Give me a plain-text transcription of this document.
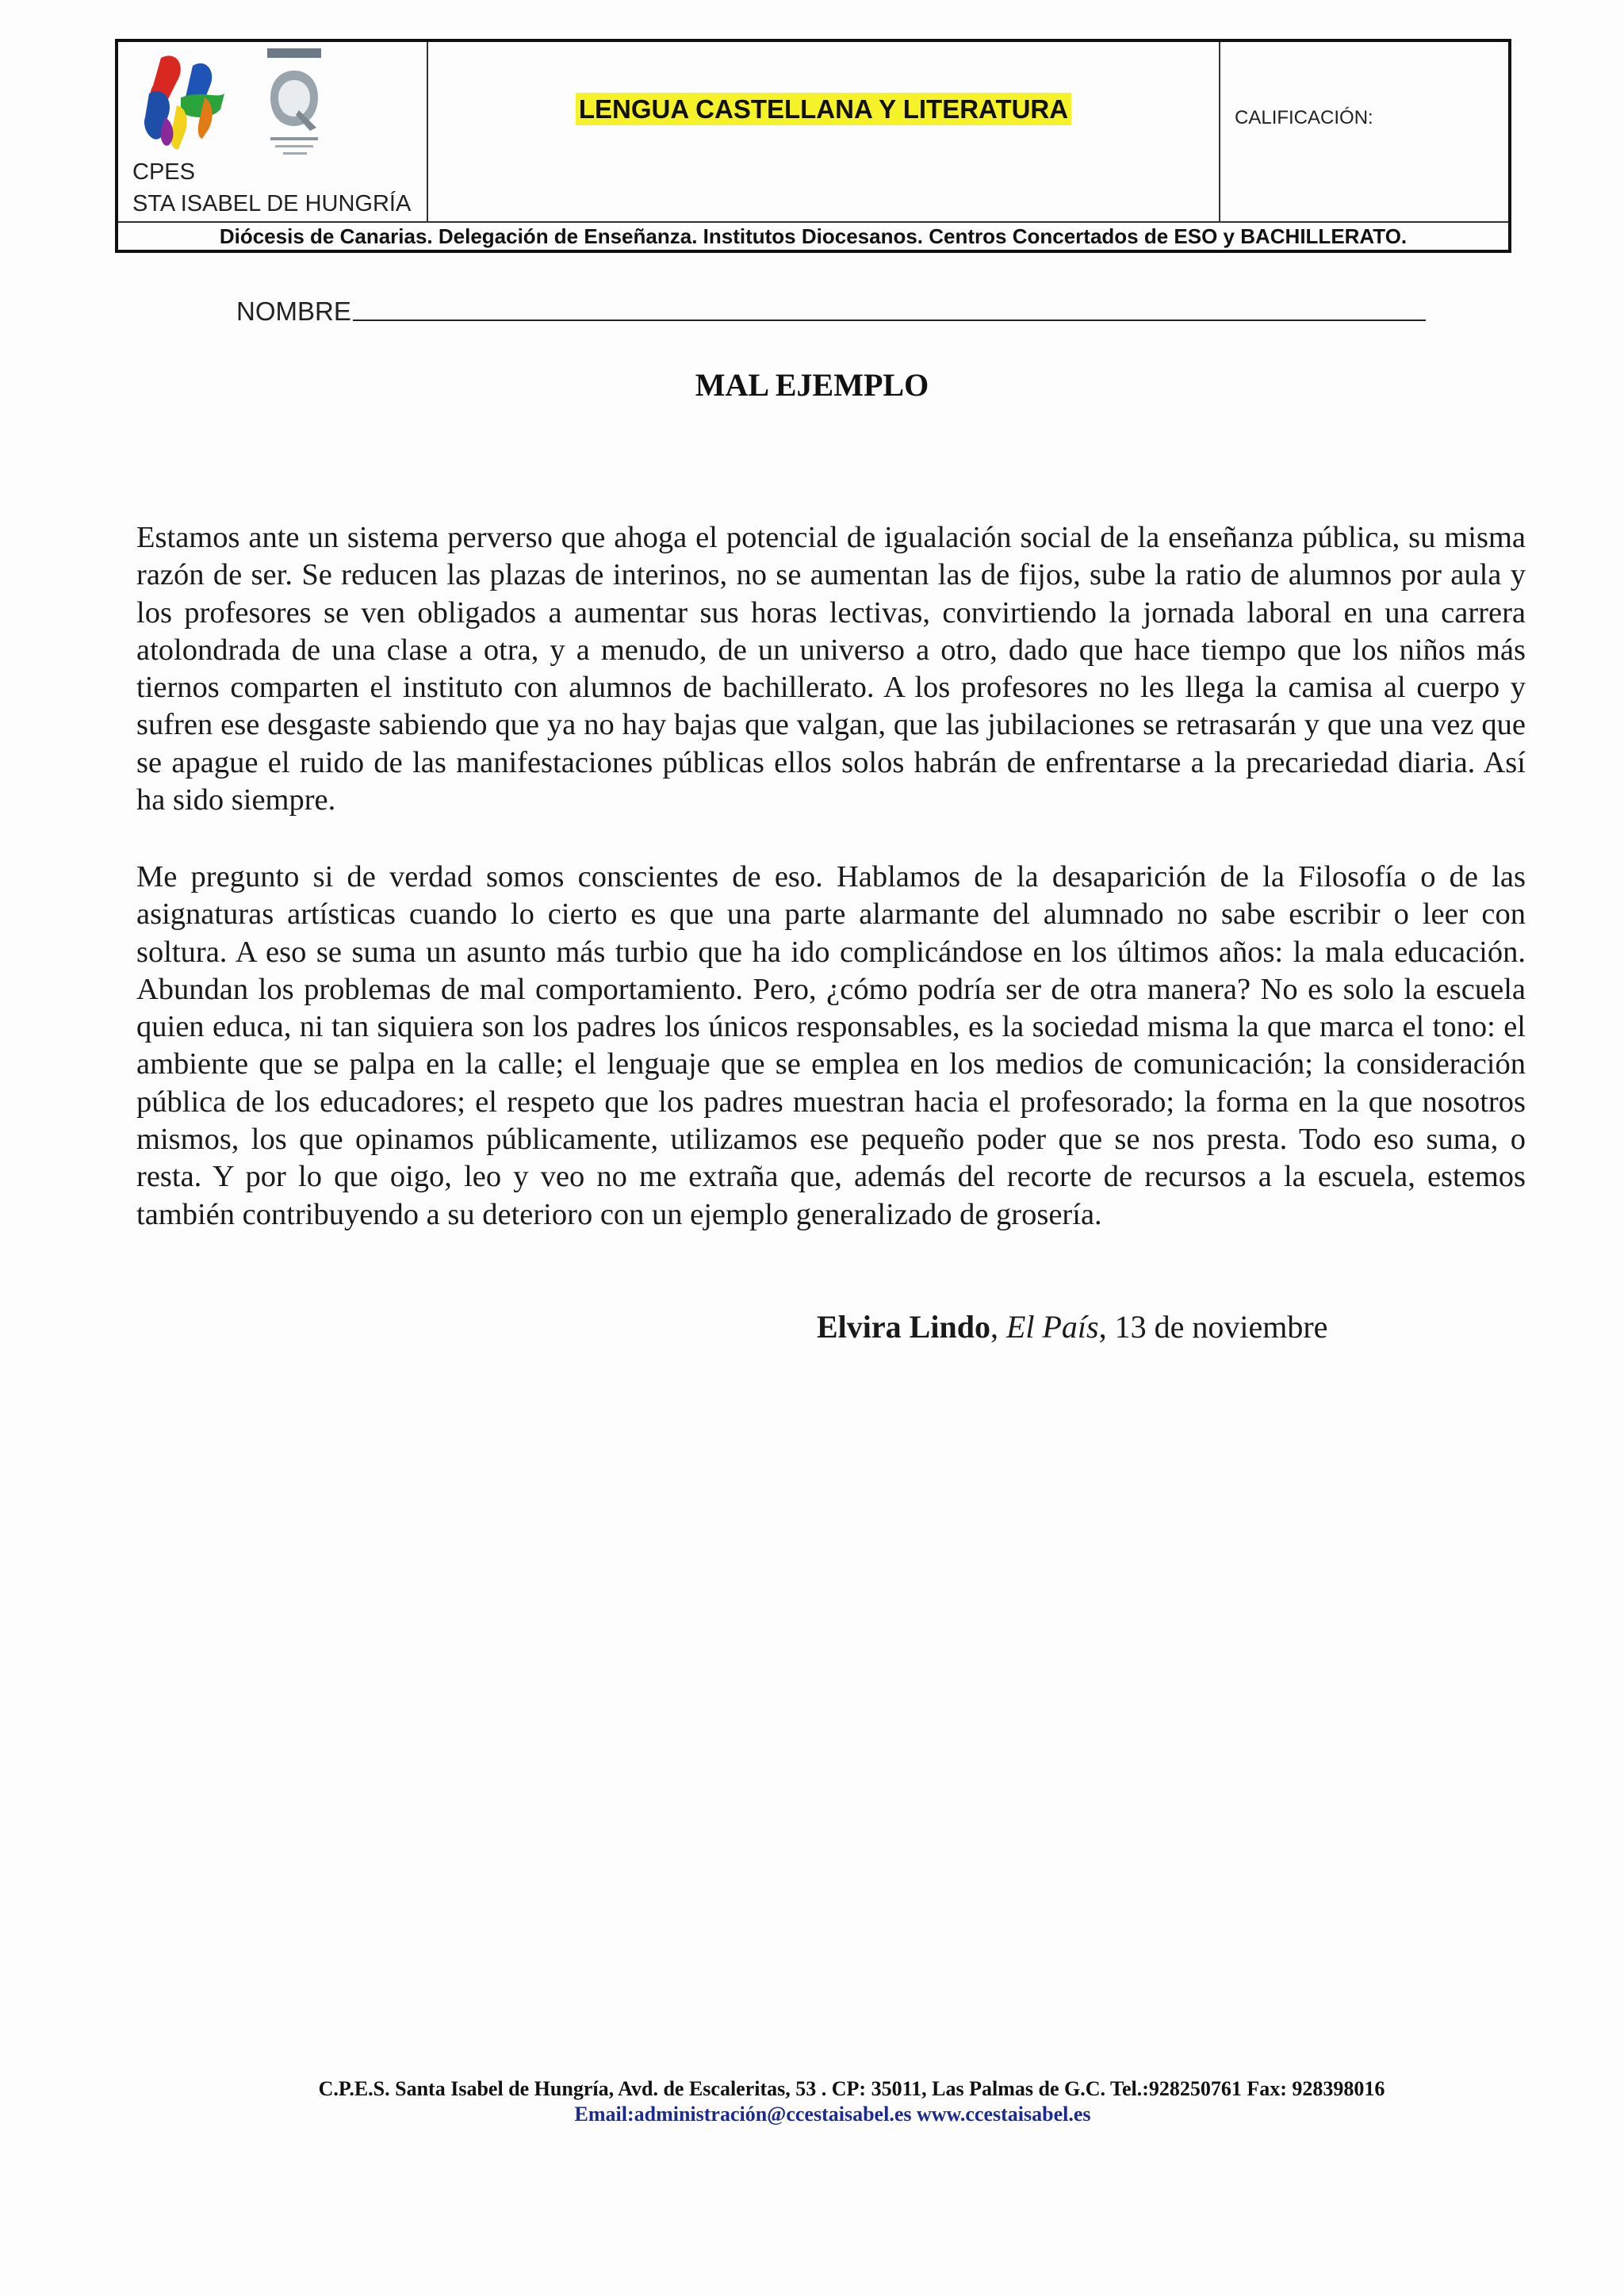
CPES
STA ISABEL DE HUNGRÍA
LENGUA CASTELLANA Y LITERATURA	CALIFICACIÓN:
Diócesis de Canarias. Delegación de Enseñanza. Institutos Diocesanos. Centros Concertados de ESO y BACHILLERATO.
NOMBRE
MAL EJEMPLO
Estamos ante un sistema perverso que ahoga el potencial de igualación social de la enseñanza pública, su misma razón de ser. Se reducen las plazas de interinos, no se aumentan las de fijos, sube la ratio de alumnos por aula y los profesores se ven obligados a aumentar sus horas lectivas, convirtiendo la jornada laboral en una carrera atolondrada de una clase a otra, y a menudo, de un universo a otro, dado que hace tiempo que los niños más tiernos comparten el instituto con alumnos de bachillerato. A los profesores no les llega la camisa al cuerpo y sufren ese desgaste sabiendo que ya no hay bajas que valgan, que las jubilaciones se retrasarán y que una vez que se apague el ruido de las manifestaciones públicas ellos solos habrán de enfrentarse a la precariedad diaria. Así ha sido siempre.
Me pregunto si de verdad somos conscientes de eso. Hablamos de la desaparición de la Filosofía o de las asignaturas artísticas cuando lo cierto es que una parte alarmante del alumnado no sabe escribir o leer con soltura. A eso se suma un asunto más turbio que ha ido complicándose en los últimos años: la mala educación. Abundan los problemas de mal comportamiento. Pero, ¿cómo podría ser de otra manera? No es solo la escuela quien educa, ni tan siquiera son los padres los únicos responsables, es la sociedad misma la que marca el tono: el ambiente que se palpa en la calle; el lenguaje que se emplea en los medios de comunicación; la consideración pública de los educadores; el respeto que los padres muestran hacia el profesorado; la forma en la que nosotros mismos, los que opinamos públicamente, utilizamos ese pequeño poder que se nos presta. Todo eso suma, o resta. Y por lo que oigo, leo y veo no me extraña que, además del recorte de recursos a la escuela, estemos también contribuyendo a su deterioro con un ejemplo generalizado de grosería.
Elvira Lindo, El País, 13 de noviembre
C.P.E.S. Santa Isabel de Hungría, Avd. de Escaleritas, 53 . CP: 35011, Las Palmas de G.C. Tel.:928250761 Fax: 928398016
Email:administración@ccestaisabel.es www.ccestaisabel.es
